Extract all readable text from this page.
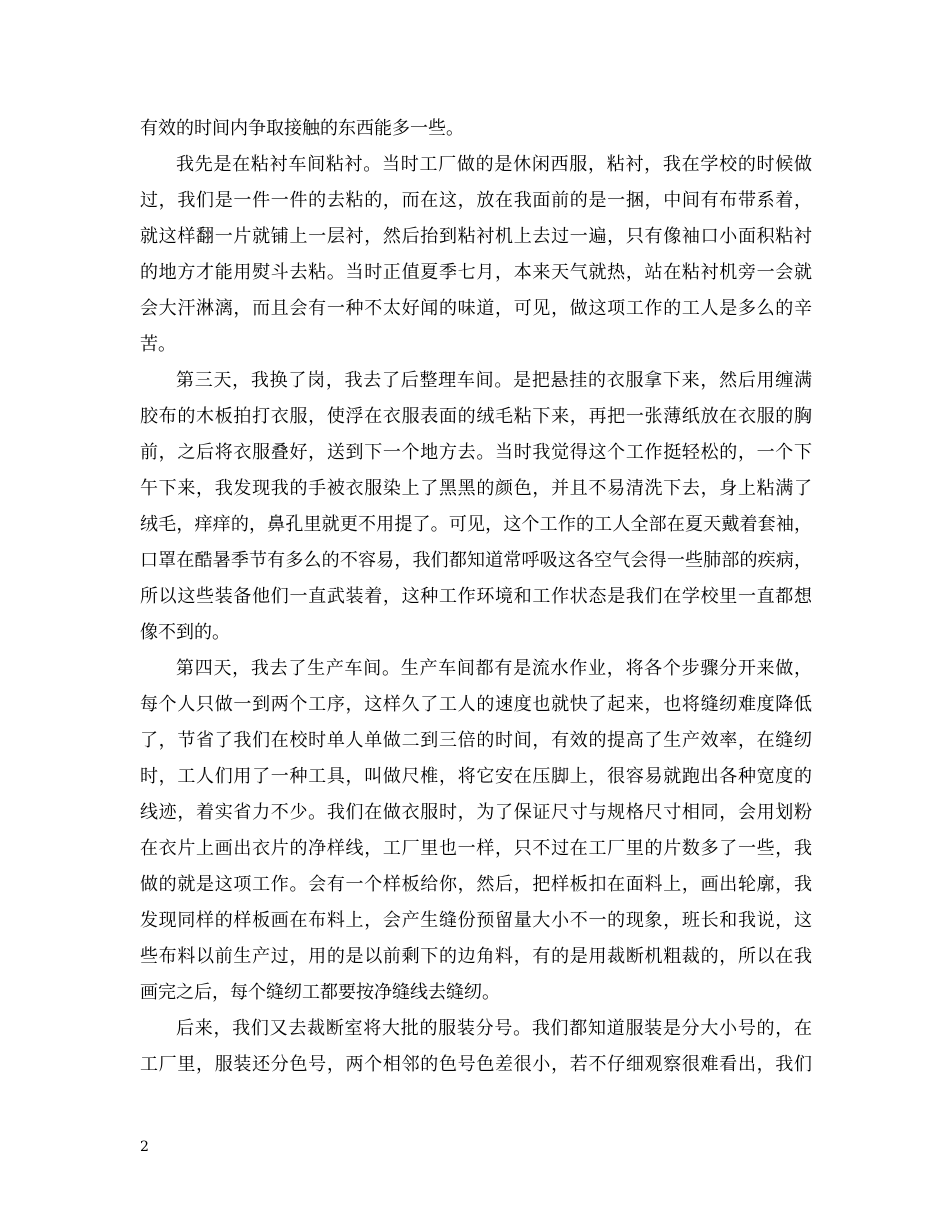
有效的时间内争取接触的东西能多一些。
我先是在粘衬车间粘衬。当时工厂做的是休闲西服，粘衬，我在学校的时候做
过，我们是一件一件的去粘的，而在这，放在我面前的是一捆，中间有布带系着，
就这样翻一片就铺上一层衬，然后抬到粘衬机上去过一遍，只有像袖口小面积粘衬
的地方才能用熨斗去粘。当时正值夏季七月，本来天气就热，站在粘衬机旁一会就
会大汗淋漓，而且会有一种不太好闻的味道，可见，做这项工作的工人是多么的辛
苦。
第三天，我换了岗，我去了后整理车间。是把悬挂的衣服拿下来，然后用缠满
胶布的木板拍打衣服，使浮在衣服表面的绒毛粘下来，再把一张薄纸放在衣服的胸
前，之后将衣服叠好，送到下一个地方去。当时我觉得这个工作挺轻松的，一个下
午下来，我发现我的手被衣服染上了黑黑的颜色，并且不易清洗下去，身上粘满了
绒毛，痒痒的，鼻孔里就更不用提了。可见，这个工作的工人全部在夏天戴着套袖，
口罩在酷暑季节有多么的不容易，我们都知道常呼吸这各空气会得一些肺部的疾病，
所以这些装备他们一直武装着，这种工作环境和工作状态是我们在学校里一直都想
像不到的。
第四天，我去了生产车间。生产车间都有是流水作业，将各个步骤分开来做，
每个人只做一到两个工序，这样久了工人的速度也就快了起来，也将缝纫难度降低
了，节省了我们在校时单人单做二到三倍的时间，有效的提高了生产效率，在缝纫
时，工人们用了一种工具，叫做尺椎，将它安在压脚上，很容易就跑出各种宽度的
线迹，着实省力不少。我们在做衣服时，为了保证尺寸与规格尺寸相同，会用划粉
在衣片上画出衣片的净样线，工厂里也一样，只不过在工厂里的片数多了一些，我
做的就是这项工作。会有一个样板给你，然后，把样板扣在面料上，画出轮廓，我
发现同样的样板画在布料上，会产生缝份预留量大小不一的现象，班长和我说，这
些布料以前生产过，用的是以前剩下的边角料，有的是用裁断机粗裁的，所以在我
画完之后，每个缝纫工都要按净缝线去缝纫。
后来，我们又去裁断室将大批的服装分号。我们都知道服装是分大小号的，在
工厂里，服装还分色号，两个相邻的色号色差很小，若不仔细观察很难看出，我们
2
